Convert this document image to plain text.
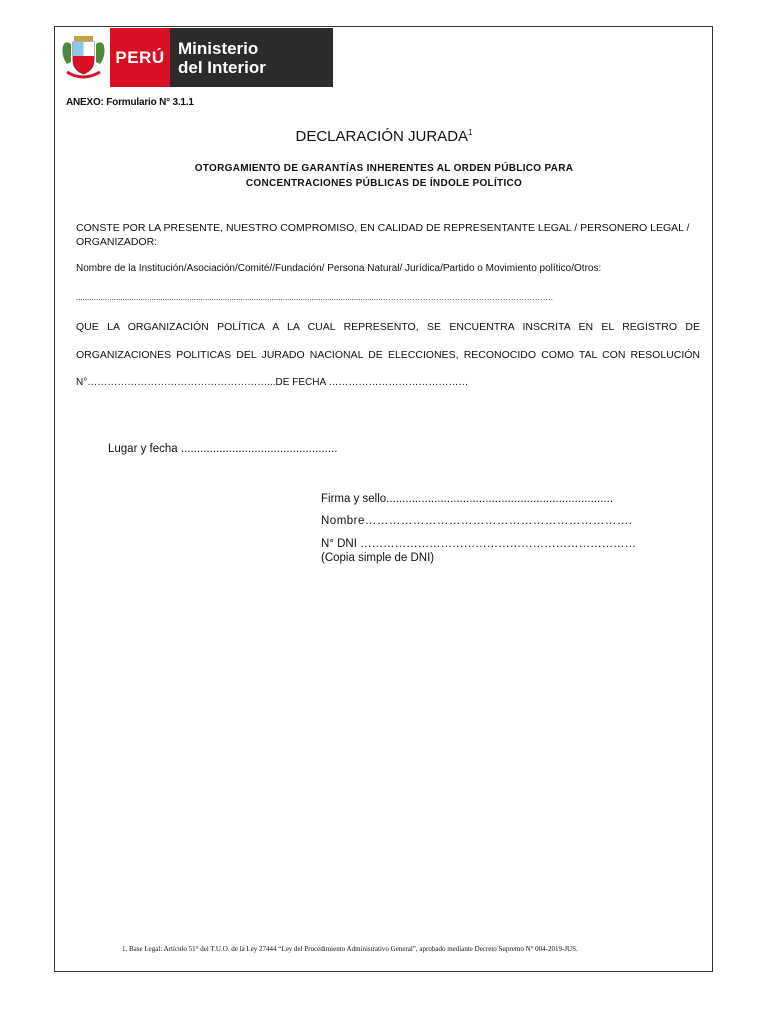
PERÚ Ministerio
del Interior
ANEXO: Formulario N° 3.1.1
DECLARACIÓN JURADA$^1$
OTORGAMIENTO DE GARANTÍAS INHERENTES AL ORDEN PÚBLICO PARA
CONCENTRACIONES PÚBLICAS DE ÍNDOLE POLÍTICO
CONSTE POR LA PRESENTE, NUESTRO COMPROMISO, EN CALIDAD DE REPRESENTANTE LEGAL / PERSONERO LEGAL /
ORGANIZADOR:
Nombre de la Institución/Asociación/Comité//Fundación/ Persona Natural/ Jurídica/Partido o Movimiento político/Otros:
..........................................................................................................................................……………………………………………………….
QUE LA ORGANIZACIÓN POLÍTICA A LA CUAL REPRESENTO, SE ENCUENTRA INSCRITA EN EL REGISTRO DE
ORGANIZACIONES POLITICAS DEL JURADO NACIONAL DE ELECCIONES, RECONOCIDO COMO TAL CON RESOLUCIÓN
N°………………………………………………...DE FECHA ……………………………………
Lugar y fecha .................................................
Firma y sello.......................................................................
Nombre………………………………………………………….
N° DNI ………………………………………………………………
(Copia simple de DNI)
1. Base Legal: Artículo 51° del T.U.O. de la Ley 27444 “Ley del Procedimiento Administrativo General”, aprobado mediante Decreto Supremo N° 004-2019-JUS.
